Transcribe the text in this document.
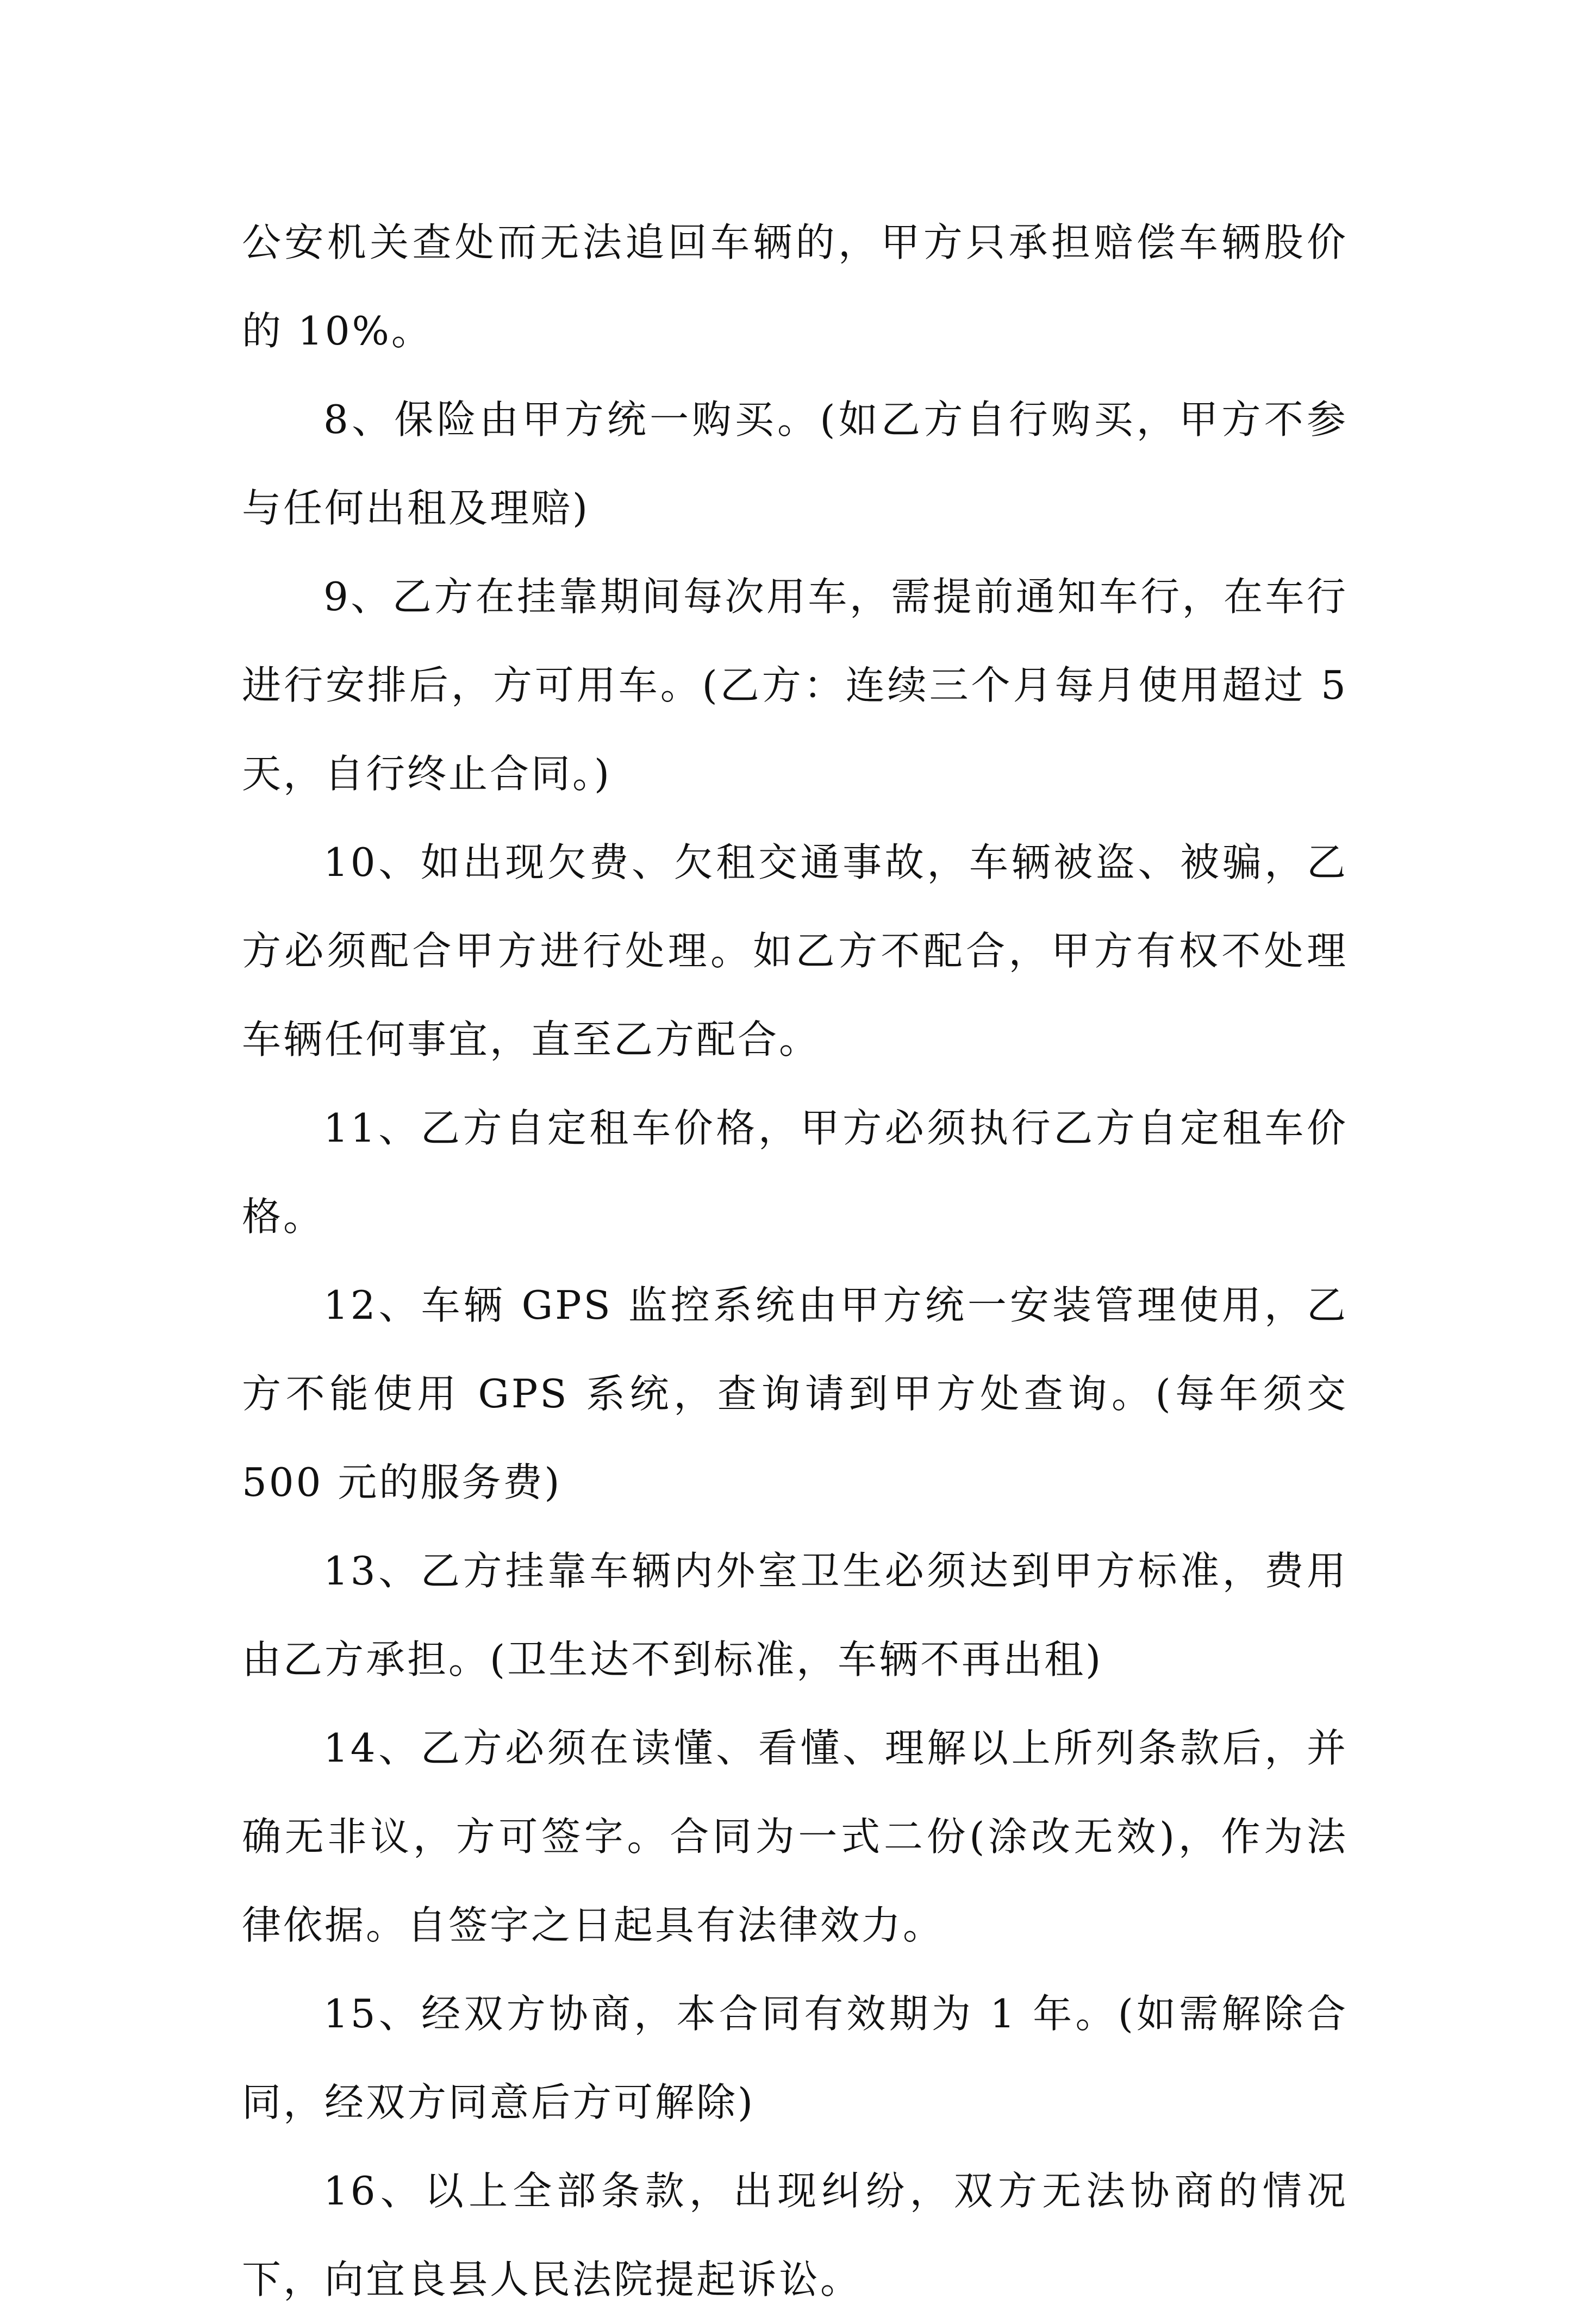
公安机关查处而无法追回车辆的，甲方只承担赔偿车辆股价的 10%。

8、保险由甲方统一购买。(如乙方自行购买，甲方不参与任何出租及理赔)

9、乙方在挂靠期间每次用车，需提前通知车行，在车行进行安排后，方可用车。(乙方：连续三个月每月使用超过 5 天，自行终止合同。)

10、如出现欠费、欠租交通事故，车辆被盗、被骗，乙方必须配合甲方进行处理。如乙方不配合，甲方有权不处理车辆任何事宜，直至乙方配合。

11、乙方自定租车价格，甲方必须执行乙方自定租车价格。

12、车辆 GPS 监控系统由甲方统一安装管理使用，乙方不能使用 GPS 系统，查询请到甲方处查询。(每年须交 500 元的服务费)

13、乙方挂靠车辆内外室卫生必须达到甲方标准，费用由乙方承担。(卫生达不到标准，车辆不再出租)

14、乙方必须在读懂、看懂、理解以上所列条款后，并确无非议，方可签字。合同为一式二份(涂改无效)，作为法律依据。自签字之日起具有法律效力。

15、经双方协商，本合同有效期为 1 年。(如需解除合同，经双方同意后方可解除)

16、以上全部条款，出现纠纷，双方无法协商的情况下，向宜良县人民法院提起诉讼。
